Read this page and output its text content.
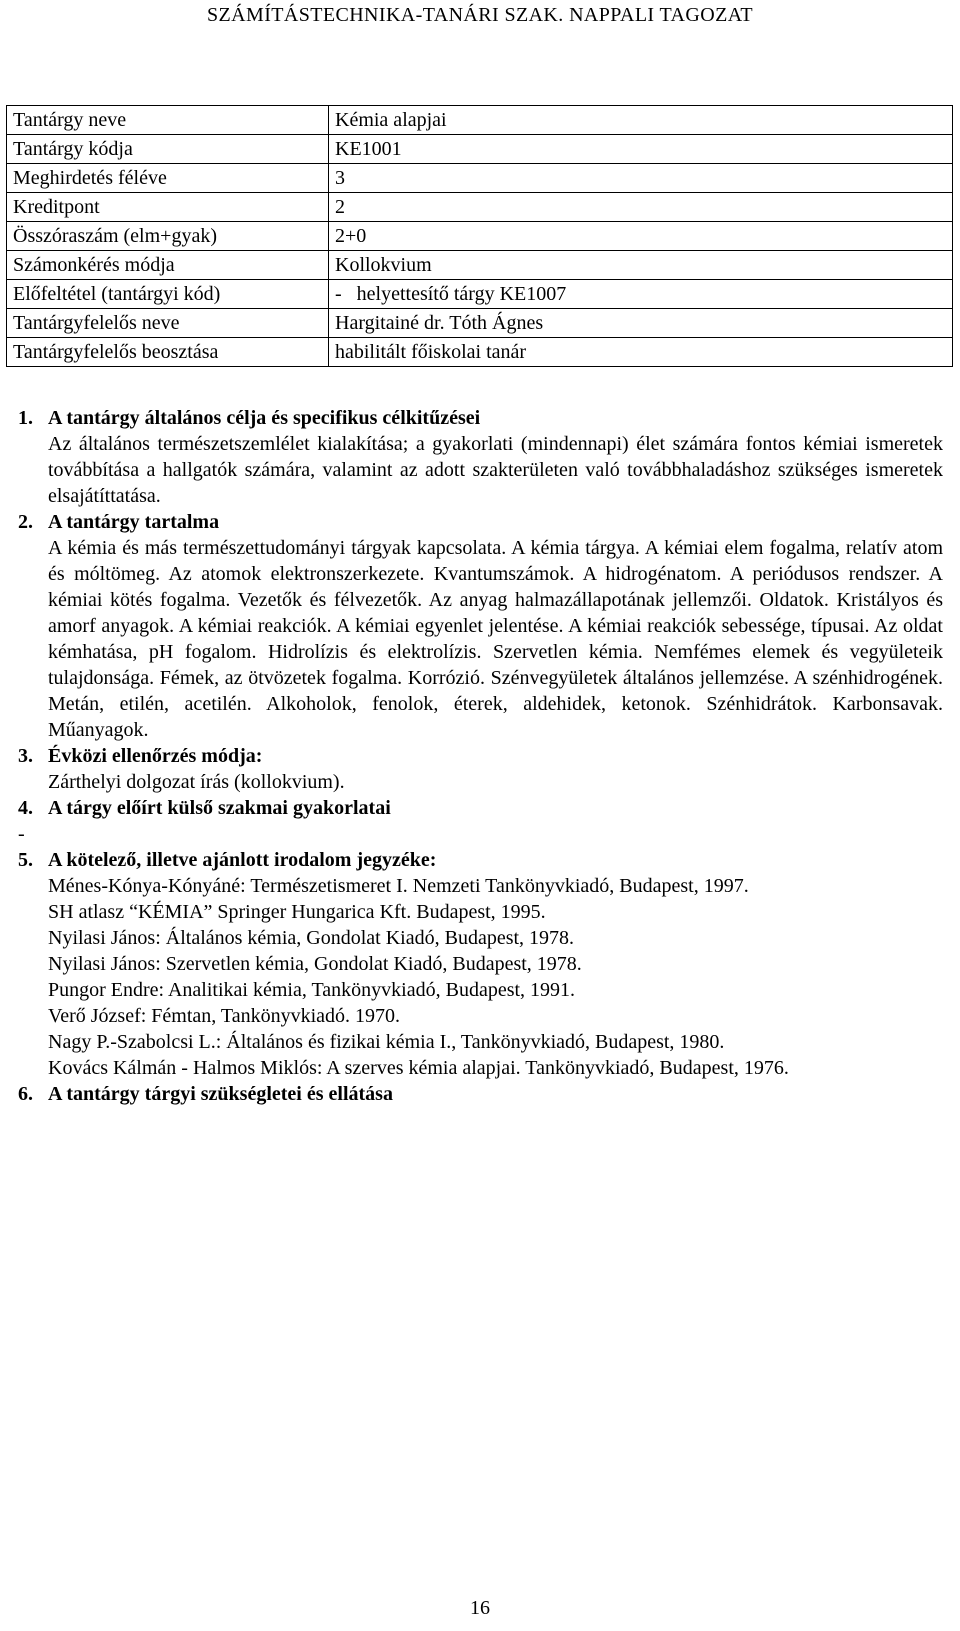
SZÁMÍTÁSTECHNIKA-TANÁRI SZAK. NAPPALI TAGOZAT
Tantárgy neve	Kémia alapjai
Tantárgy kódja	KE1001
Meghirdetés féléve	3
Kreditpont	2
Összóraszám (elm+gyak)	2+0
Számonkérés módja	Kollokvium
Előfeltétel (tantárgyi kód)	-   helyettesítő tárgy KE1007
Tantárgyfelelős neve	Hargitainé dr. Tóth Ágnes
Tantárgyfelelős beosztása	habilitált főiskolai tanár
1. A tantárgy általános célja és specifikus célkitűzései
Az általános természetszemlélet kialakítása; a gyakorlati (mindennapi) élet számára fontos kémiai ismeretek továbbítása a hallgatók számára, valamint az adott szakterületen való továbbhaladáshoz szükséges ismeretek elsajátíttatása.
2. A tantárgy tartalma
A kémia és más természettudományi tárgyak kapcsolata. A kémia tárgya. A kémiai elem fogalma, relatív atom és móltömeg. Az atomok elektronszerkezete. Kvantumszámok. A hidrogénatom. A periódusos rendszer. A kémiai kötés fogalma. Vezetők és félvezetők. Az anyag halmazállapotának jellemzői. Oldatok. Kristályos és amorf anyagok. A kémiai reakciók. A kémiai egyenlet jelentése. A kémiai reakciók sebessége, típusai. Az oldat kémhatása, pH fogalom. Hidrolízis és elektrolízis. Szervetlen kémia. Nemfémes elemek és vegyületeik tulajdonsága. Fémek, az ötvözetek fogalma. Korrózió. Szénvegyületek általános jellemzése. A szénhidrogének. Metán, etilén, acetilén. Alkoholok, fenolok, éterek, aldehidek, ketonok. Szénhidrátok. Karbonsavak. Műanyagok.
3. Évközi ellenőrzés módja:
Zárthelyi dolgozat írás (kollokvium).
4. A tárgy előírt külső szakmai gyakorlatai
-
5. A kötelező, illetve ajánlott irodalom jegyzéke:
Ménes-Kónya-Kónyáné: Természetismeret I. Nemzeti Tankönyvkiadó, Budapest, 1997.
SH atlasz “KÉMIA” Springer Hungarica Kft. Budapest, 1995.
Nyilasi János: Általános kémia, Gondolat Kiadó, Budapest, 1978.
Nyilasi János: Szervetlen kémia, Gondolat Kiadó, Budapest, 1978.
Pungor Endre: Analitikai kémia, Tankönyvkiadó, Budapest, 1991.
Verő József: Fémtan, Tankönyvkiadó. 1970.
Nagy P.-Szabolcsi L.: Általános és fizikai kémia I., Tankönyvkiadó, Budapest, 1980.
Kovács Kálmán - Halmos Miklós: A szerves kémia alapjai. Tankönyvkiadó, Budapest, 1976.
6. A tantárgy tárgyi szükségletei és ellátása
16
